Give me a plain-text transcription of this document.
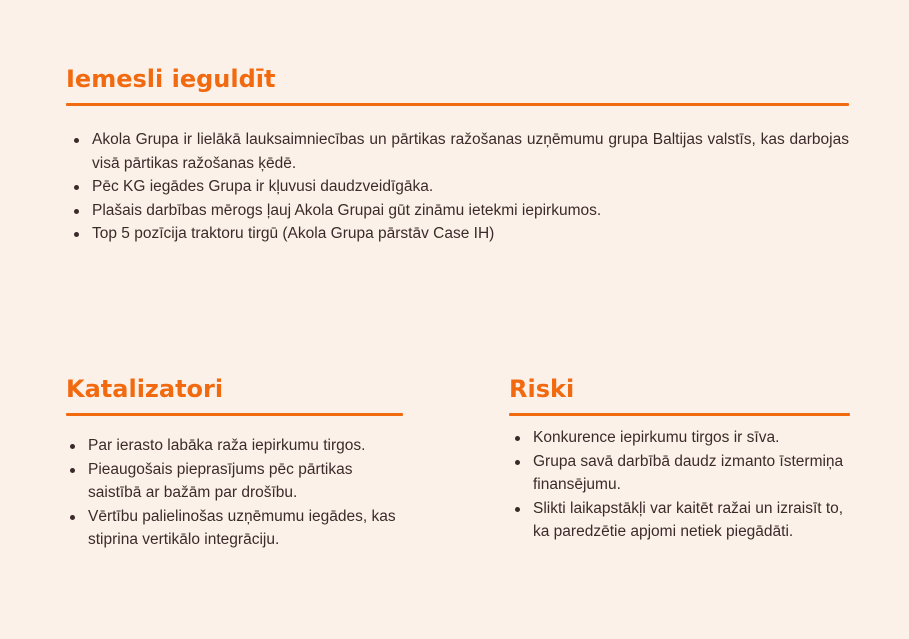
Iemesli ieguldīt
Akola Grupa ir lielākā lauksaimniecības un pārtikas ražošanas uzņēmumu grupa Baltijas valstīs, kas darbojas visā pārtikas ražošanas ķēdē.
Pēc KG iegādes Grupa ir kļuvusi daudzveidīgāka.
Plašais darbības mērogs ļauj Akola Grupai gūt zināmu ietekmi iepirkumos.
Top 5 pozīcija traktoru tirgū (Akola Grupa pārstāv Case IH)
Katalizatori
Par ierasto labāka raža iepirkumu tirgos.
Pieaugošais pieprasījums pēc pārtikas saistībā ar bažām par drošību.
Vērtību palielinošas uzņēmumu iegādes, kas stiprina vertikālo integrāciju.
Riski
Konkurence iepirkumu tirgos ir sīva.
Grupa savā darbībā daudz izmanto īstermiņa finansējumu.
Slikti laikapstākļi var kaitēt ražai un izraisīt to, ka paredzētie apjomi netiek piegādāti.
